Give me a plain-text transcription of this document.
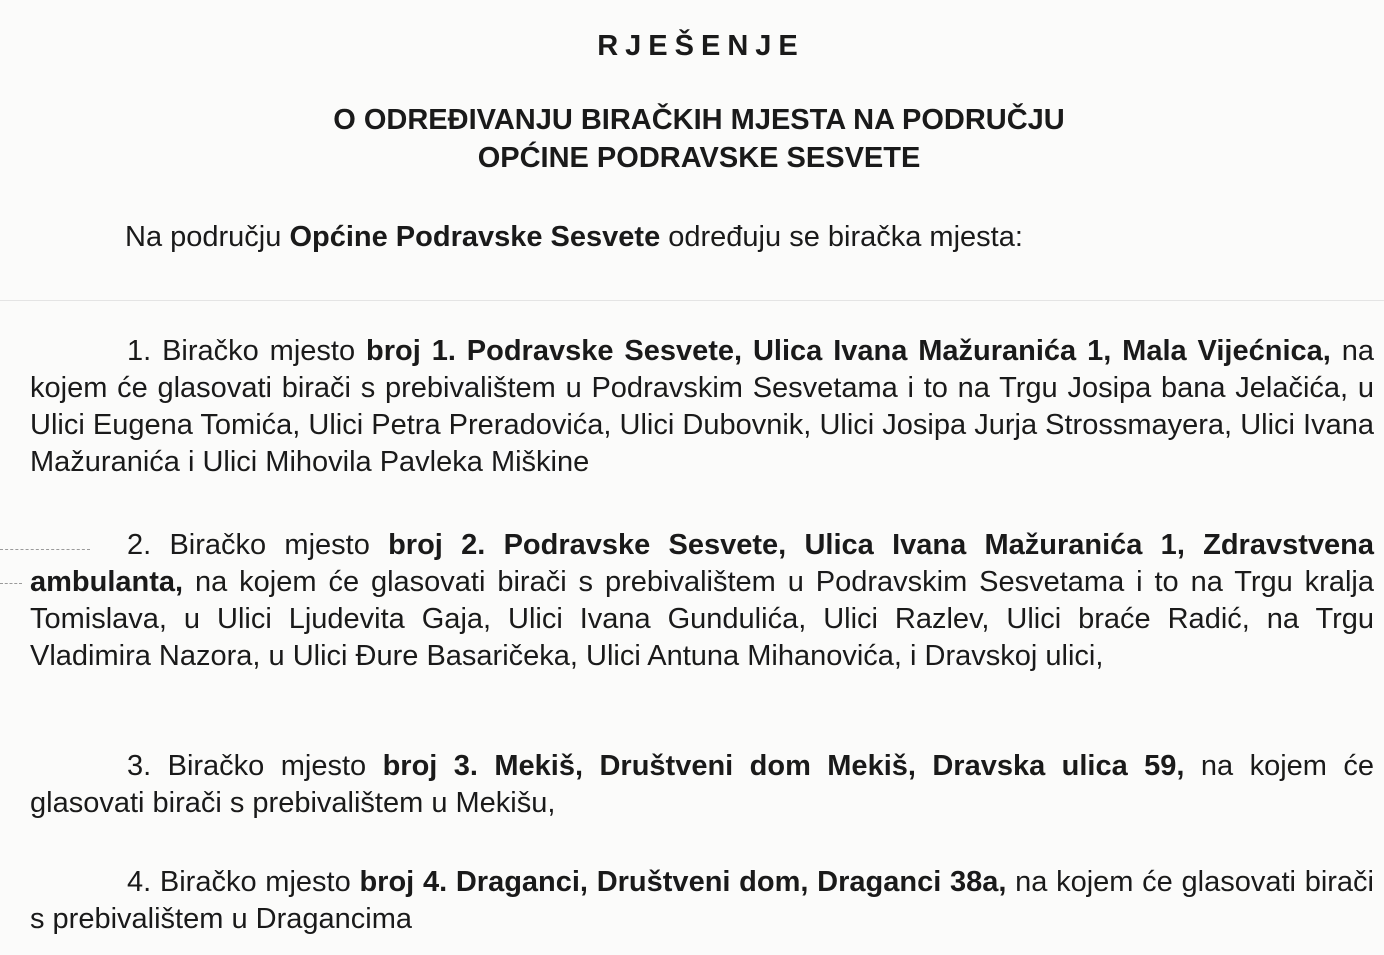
RJEŠENJE
O ODREĐIVANJU BIRAČKIH MJESTA NA PODRUČJU
OPĆINE PODRAVSKE SESVETE
Na području Općine Podravske Sesvete određuju se biračka mjesta:
1. Biračko mjesto broj 1. Podravske Sesvete, Ulica Ivana Mažuranića 1, Mala Vijećnica, na kojem će glasovati birači s prebivalištem u Podravskim Sesvetama i to na Trgu Josipa bana Jelačića, u Ulici Eugena Tomića, Ulici Petra Preradovića, Ulici Dubovnik, Ulici Josipa Jurja Strossmayera, Ulici Ivana Mažuranića i Ulici Mihovila Pavleka Miškine
2. Biračko mjesto broj 2. Podravske Sesvete, Ulica Ivana Mažuranića 1, Zdravstvena ambulanta, na kojem će glasovati birači s prebivalištem u Podravskim Sesvetama i to na Trgu kralja Tomislava, u Ulici Ljudevita Gaja, Ulici Ivana Gundulića, Ulici Razlev, Ulici braće Radić, na Trgu Vladimira Nazora, u Ulici Đure Basaričeka, Ulici Antuna Mihanovića, i Dravskoj ulici,
3. Biračko mjesto broj 3. Mekiš, Društveni dom Mekiš, Dravska ulica 59, na kojem će glasovati birači s prebivalištem u Mekišu,
4. Biračko mjesto broj 4. Draganci, Društveni dom, Draganci 38a, na kojem će glasovati birači s prebivalištem u Dragancima
